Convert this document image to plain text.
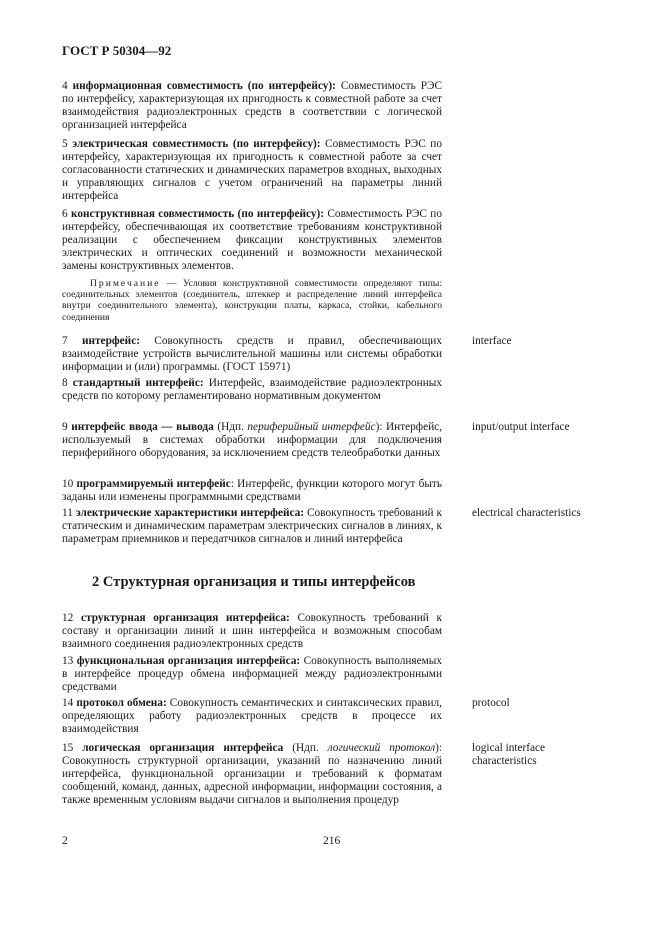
ГОСТ Р 50304—92
4 информационная совместимость (по интерфейсу): Совместимость РЭС по интерфейсу, характеризующая их пригодность к совместной работе за счет взаимодействия радиоэлектронных средств в соответствии с логической организацией интерфейса
5 электрическая совместимость (по интерфейсу): Совместимость РЭС по интерфейсу, характеризующая их пригодность к совместной работе за счет согласованности статических и динамических параметров входных, выходных и управляющих сигналов с учетом ограничений на параметры линий интерфейса
6 конструктивная совместимость (по интерфейсу): Совместимость РЭС по интерфейсу, обеспечивающая их соответствие требованиям конструктивной реализации с обеспечением фиксации конструктивных элементов электрических и оптических соединений и возможности механической замены конструктивных элементов.
Примечание — Условия конструктивной совместимости определяют типы: соединительных элементов (соединитель, штеккер и распределение линий интерфейса внутри соединительного элемента), конструкции платы, каркаса, стойки, кабельного соединения
7 интерфейс: Совокупность средств и правил, обеспечивающих взаимодействие устройств вычислительной машины или системы обработки информации и (или) программы. (ГОСТ 15971)
interface
8 стандартный интерфейс: Интерфейс, взаимодействие радиоэлектронных средств по которому регламентировано нормативным документом
9 интерфейс ввода — вывода (Ндп. периферийный интерфейс): Интерфейс, используемый в системах обработки информации для подключения периферийного оборудования, за исключением средств телеобработки данных
input/output interface
10 программируемый интерфейс: Интерфейс, функции которого могут быть заданы или изменены программными средствами
11 электрические характеристики интерфейса: Совокупность требований к статическим и динамическим параметрам электрических сигналов в линиях, к параметрам приемников и передатчиков сигналов и линий интерфейса
electrical characteristics
2 Структурная организация и типы интерфейсов
12 структурная организация интерфейса: Совокупность требований к составу и организации линий и шин интерфейса и возможным способам взаимного соединения радиоэлектронных средств
13 функциональная организация интерфейса: Совокупность выполняемых в интерфейсе процедур обмена информацией между радиоэлектронными средствами
14 протокол обмена: Совокупность семантических и синтаксических правил, определяющих работу радиоэлектронных средств в процессе их взаимодействия
protocol
15 логическая организация интерфейса (Ндп. логический протокол): Совокупность структурной организации, указаний по назначению линий интерфейса, функциональной организации и требований к форматам сообщений, команд, данных, адресной информации, информации состояния, а также временным условиям выдачи сигналов и выполнения процедур
logical interface characteristics
2	216
